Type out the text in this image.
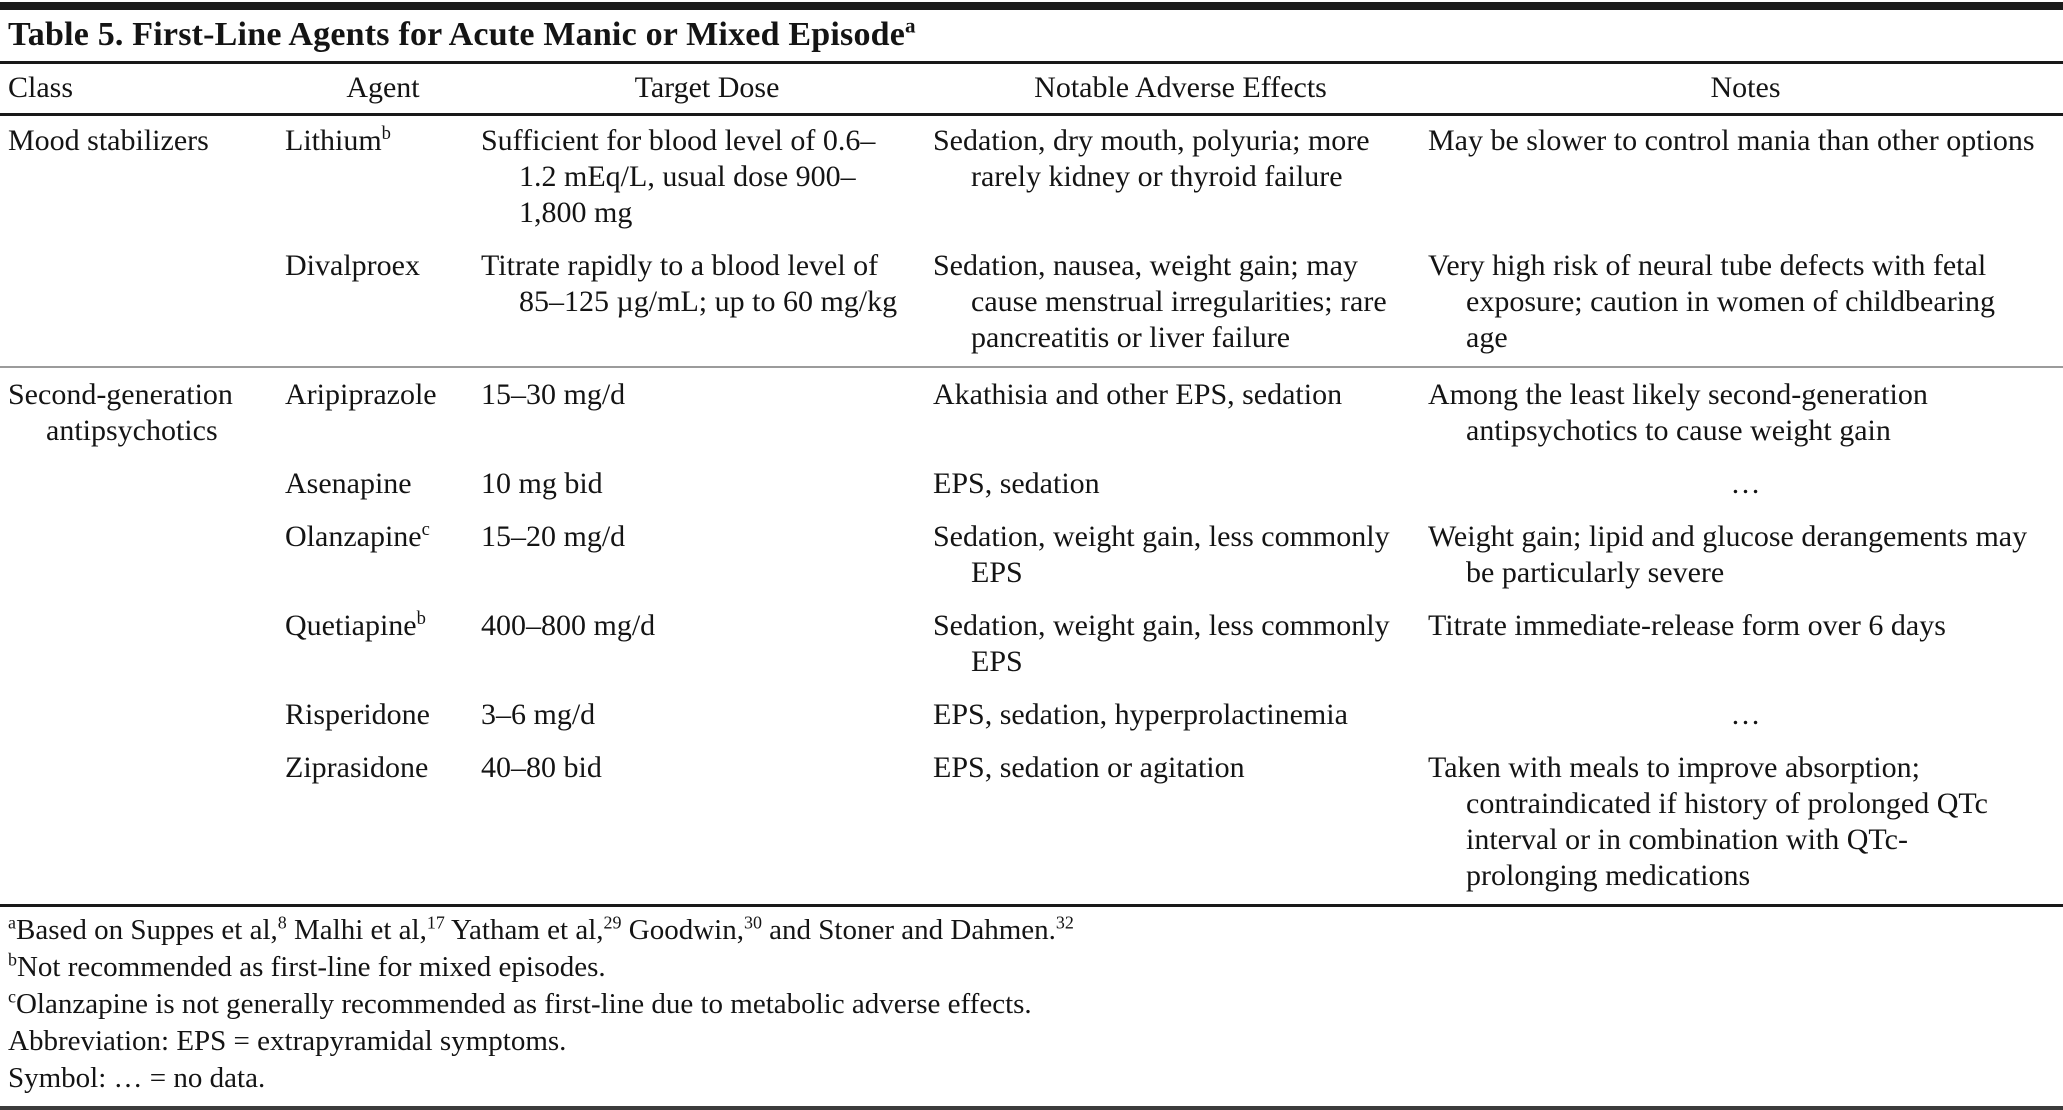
Table 5. First-Line Agents for Acute Manic or Mixed Episode$^a$
Class	Agent	Target Dose	Notable Adverse Effects	Notes
Mood stabilizers	Lithium$^b$	Sufficient for blood level of 0.6–1.2 mEq/L, usual dose 900–1,800 mg	Sedation, dry mouth, polyuria; more rarely kidney or thyroid failure	May be slower to control mania than other options
	Divalproex	Titrate rapidly to a blood level of 85–125 µg/mL; up to 60 mg/kg	Sedation, nausea, weight gain; may cause menstrual irregularities; rare pancreatitis or liver failure	Very high risk of neural tube defects with fetal exposure; caution in women of childbearing age
Second-generation antipsychotics	Aripiprazole	15–30 mg/d	Akathisia and other EPS, sedation	Among the least likely second-generation antipsychotics to cause weight gain
	Asenapine	10 mg bid	EPS, sedation	…
	Olanzapine$^c$	15–20 mg/d	Sedation, weight gain, less commonly EPS	Weight gain; lipid and glucose derangements may be particularly severe
	Quetiapine$^b$	400–800 mg/d	Sedation, weight gain, less commonly EPS	Titrate immediate-release form over 6 days
	Risperidone	3–6 mg/d	EPS, sedation, hyperprolactinemia	…
	Ziprasidone	40–80 bid	EPS, sedation or agitation	Taken with meals to improve absorption; contraindicated if history of prolonged QTc interval or in combination with QTc-prolonging medications
$^a$Based on Suppes et al,$^8$ Malhi et al,$^{17}$ Yatham et al,$^{29}$ Goodwin,$^{30}$ and Stoner and Dahmen.$^{32}$
$^b$Not recommended as first-line for mixed episodes.
$^c$Olanzapine is not generally recommended as first-line due to metabolic adverse effects.
Abbreviation: EPS = extrapyramidal symptoms.
Symbol: … = no data.
